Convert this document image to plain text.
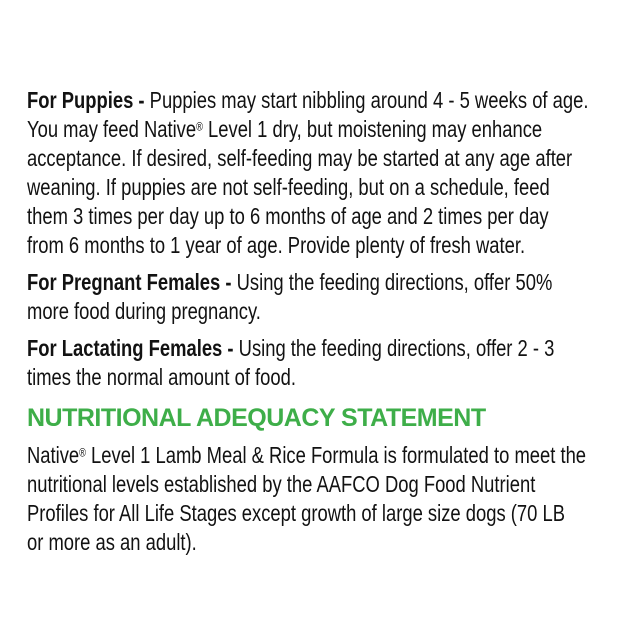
For Puppies - Puppies may start nibbling around 4 - 5 weeks of age.
You may feed Native® Level 1 dry, but moistening may enhance
acceptance. If desired, self-feeding may be started at any age after
weaning. If puppies are not self-feeding, but on a schedule, feed
them 3 times per day up to 6 months of age and 2 times per day
from 6 months to 1 year of age. Provide plenty of fresh water.

For Pregnant Females - Using the feeding directions, offer 50%
more food during pregnancy.

For Lactating Females - Using the feeding directions, offer 2 - 3
times the normal amount of food.

NUTRITIONAL ADEQUACY STATEMENT

Native® Level 1 Lamb Meal & Rice Formula is formulated to meet the
nutritional levels established by the AAFCO Dog Food Nutrient
Profiles for All Life Stages except growth of large size dogs (70 LB
or more as an adult).
